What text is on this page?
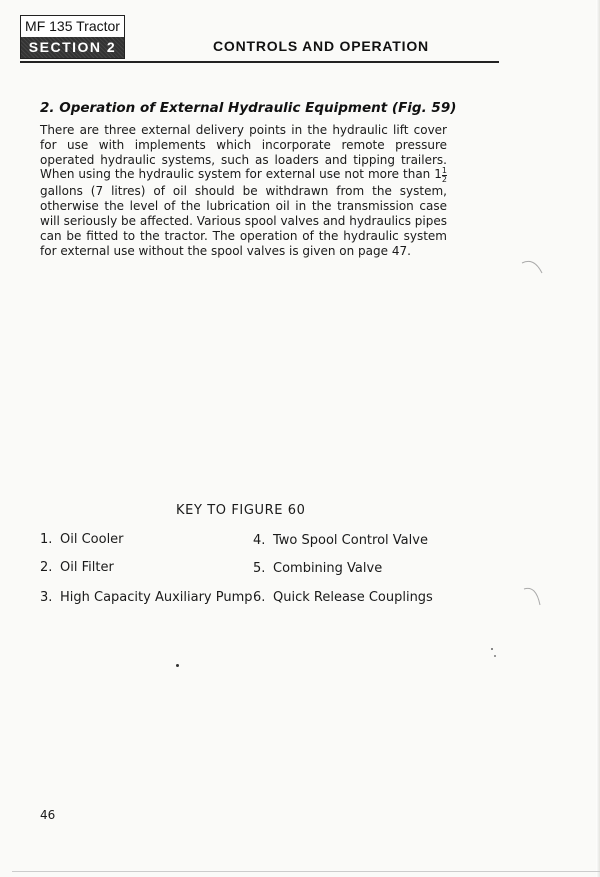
MF 135 Tractor
SECTION 2	CONTROLS AND OPERATION
2. Operation of External Hydraulic Equipment (Fig. 59)
There are three external delivery points in the hydraulic lift cover for use with implements which incorporate remote pressure operated hydraulic systems, such as loaders and tipping trailers. When using the hydraulic system for external use not more than $1 \frac{1}{2}$
gallons (7 litres) of oil should be withdrawn from the system, otherwise the level of the lubrication oil in the transmission case will seriously be affected. Various spool valves and hydraulics pipes can be fitted to the tractor. The operation of the hydraulic system for external use without the spool valves is given on page 47.
KEY TO FIGURE 60
1. Oil Cooler
2. Oil Filter
3. High Capacity Auxiliary Pump
4. Two Spool Control Valve
5. Combining Valve
6. Quick Release Couplings
46
